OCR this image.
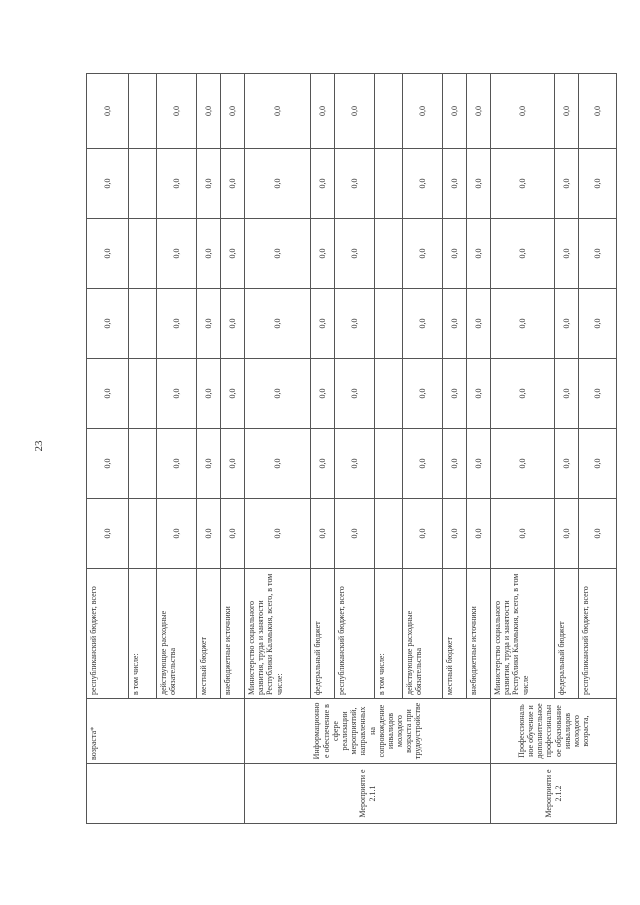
23
	возраста*	республиканский бюджет, всего	0,0	0,0	0,0	0,0	0,0	0,0	0,0
		в том числе:							
		действующие расходные обязательства	0,0	0,0	0,0	0,0	0,0	0,0	0,0
		местный бюджет	0,0	0,0	0,0	0,0	0,0	0,0	0,0
		внебюджетные источники	0,0	0,0	0,0	0,0	0,0	0,0	0,0
Мероприяти е 2.1.1	Информационно е обеспечение в сфере реализации мероприятий, направленных на сопровождение инвалидов молодого возраста при трудоустройстве	Министерство социального развития, труда и занятости Республики Калмыкия, всего, в том числе:	0,0	0,0	0,0	0,0	0,0	0,0	0,0
		федеральный бюджет	0,0	0,0	0,0	0,0	0,0	0,0	0,0
		республиканский бюджет, всего	0,0	0,0	0,0	0,0	0,0	0,0	0,0
		в том числе:							
		действующие расходные обязательства	0,0	0,0	0,0	0,0	0,0	0,0	0,0
		местный бюджет	0,0	0,0	0,0	0,0	0,0	0,0	0,0
		внебюджетные источники	0,0	0,0	0,0	0,0	0,0	0,0	0,0
Мероприяти е 2.1.2	Профессиональ ное обучение и дополнительное профессинальн ое образование инвалидов молодого возраста,	Министерство социального развития, труда и занятости Республики Калмыкия, всего, в том числе	0,0	0,0	0,0	0,0	0,0	0,0	0,0
		федеральный бюджет	0,0	0,0	0,0	0,0	0,0	0,0	0,0
		республиканский бюджет, всего	0,0	0,0	0,0	0,0	0,0	0,0	0,0
